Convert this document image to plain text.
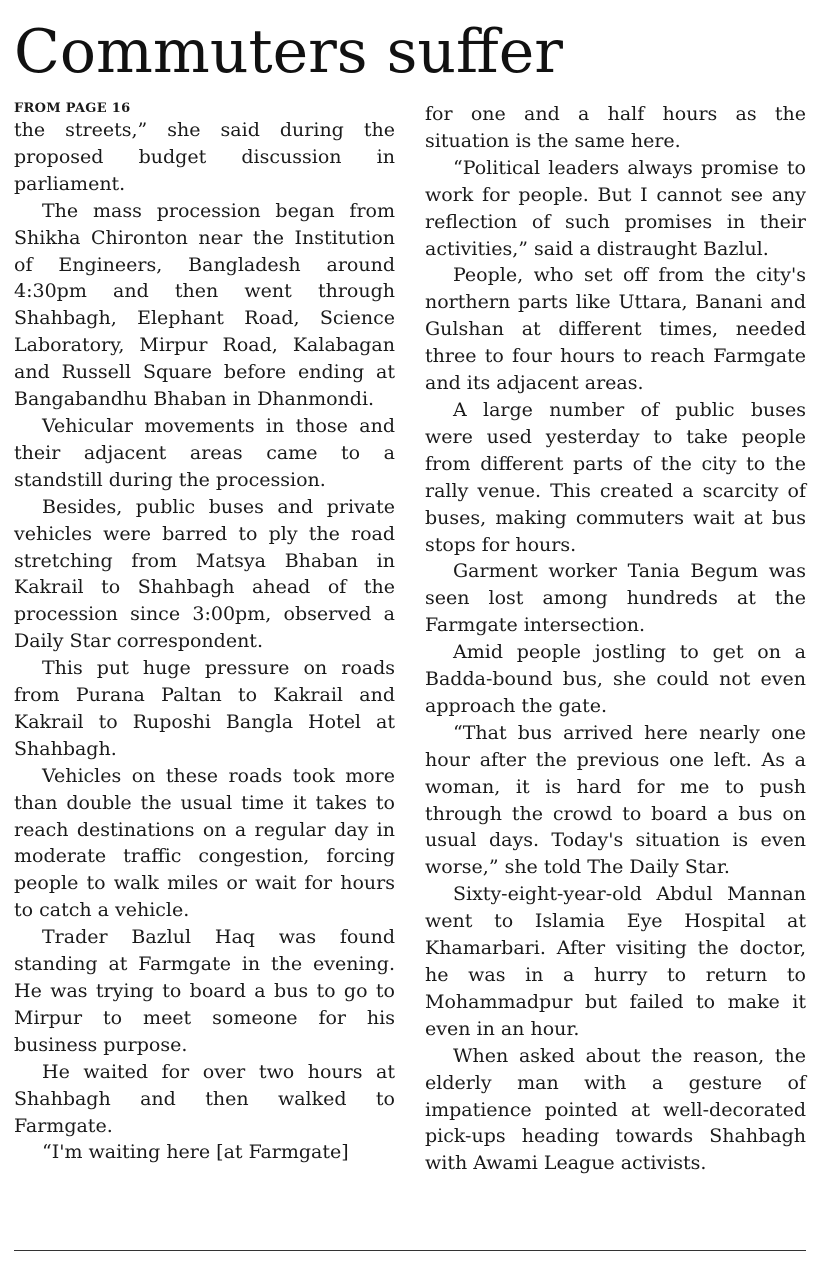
Commuters suffer
FROM PAGE 16

the streets,” she said during the proposed budget discussion in parliament.

The mass procession began from Shikha Chironton near the Institution of Engineers, Bangladesh around 4:30pm and then went through Shahbagh, Elephant Road, Science Laboratory, Mirpur Road, Kalabagan and Russell Square before ending at Bangabandhu Bhaban in Dhanmondi.

Vehicular movements in those and their adjacent areas came to a standstill during the procession.

Besides, public buses and private vehicles were barred to ply the road stretching from Matsya Bhaban in Kakrail to Shahbagh ahead of the procession since 3:00pm, observed a Daily Star correspondent.

This put huge pressure on roads from Purana Paltan to Kakrail and Kakrail to Ruposhi Bangla Hotel at Shahbagh.

Vehicles on these roads took more than double the usual time it takes to reach destinations on a regular day in moderate traffic congestion, forcing people to walk miles or wait for hours to catch a vehicle.

Trader Bazlul Haq was found standing at Farmgate in the evening. He was trying to board a bus to go to Mirpur to meet someone for his business purpose.

He waited for over two hours at Shahbagh and then walked to Farmgate.

“I'm waiting here [at Farmgate]

for one and a half hours as the situation is the same here.

“Political leaders always promise to work for people. But I cannot see any reflection of such promises in their activities,” said a distraught Bazlul.

People, who set off from the city's northern parts like Uttara, Banani and Gulshan at different times, needed three to four hours to reach Farmgate and its adjacent areas.

A large number of public buses were used yesterday to take people from different parts of the city to the rally venue. This created a scarcity of buses, making commuters wait at bus stops for hours.

Garment worker Tania Begum was seen lost among hundreds at the Farmgate intersection.

Amid people jostling to get on a Badda-bound bus, she could not even approach the gate.

“That bus arrived here nearly one hour after the previous one left. As a woman, it is hard for me to push through the crowd to board a bus on usual days. Today's situation is even worse,” she told The Daily Star.

Sixty-eight-year-old Abdul Mannan went to Islamia Eye Hospital at Khamarbari. After visiting the doctor, he was in a hurry to return to Mohammadpur but failed to make it even in an hour.

When asked about the reason, the elderly man with a gesture of impatience pointed at well-decorated pick-ups heading towards Shahbagh with Awami League activists.
